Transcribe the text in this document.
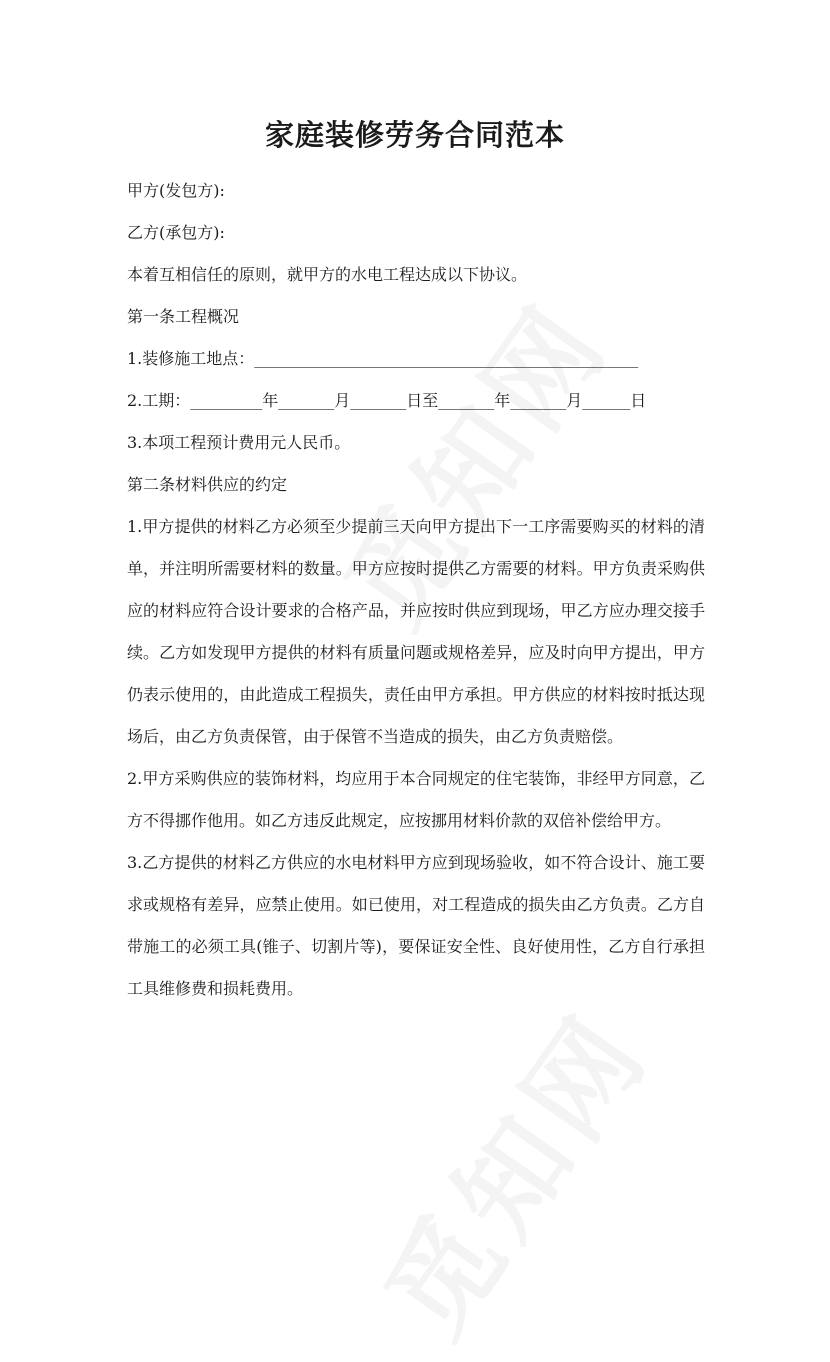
家庭装修劳务合同范本

甲方(发包方):

乙方(承包方):

本着互相信任的原则，就甲方的水电工程达成以下协议。

第一条工程概况

1.装修施工地点：________________________________________________

2.工期：_________年_______月_______日至_______年_______月______日

3.本项工程预计费用元人民币。

第二条材料供应的约定

1.甲方提供的材料乙方必须至少提前三天向甲方提出下一工序需要购买的材料的清单，并注明所需要材料的数量。甲方应按时提供乙方需要的材料。甲方负责采购供应的材料应符合设计要求的合格产品，并应按时供应到现场，甲乙方应办理交接手续。乙方如发现甲方提供的材料有质量问题或规格差异，应及时向甲方提出，甲方仍表示使用的，由此造成工程损失，责任由甲方承担。甲方供应的材料按时抵达现场后，由乙方负责保管，由于保管不当造成的损失，由乙方负责赔偿。

2.甲方采购供应的装饰材料，均应用于本合同规定的住宅装饰，非经甲方同意，乙方不得挪作他用。如乙方违反此规定，应按挪用材料价款的双倍补偿给甲方。

3.乙方提供的材料乙方供应的水电材料甲方应到现场验收，如不符合设计、施工要求或规格有差异，应禁止使用。如已使用，对工程造成的损失由乙方负责。乙方自带施工的必须工具(锥子、切割片等)，要保证安全性、良好使用性，乙方自行承担工具维修费和损耗费用。
